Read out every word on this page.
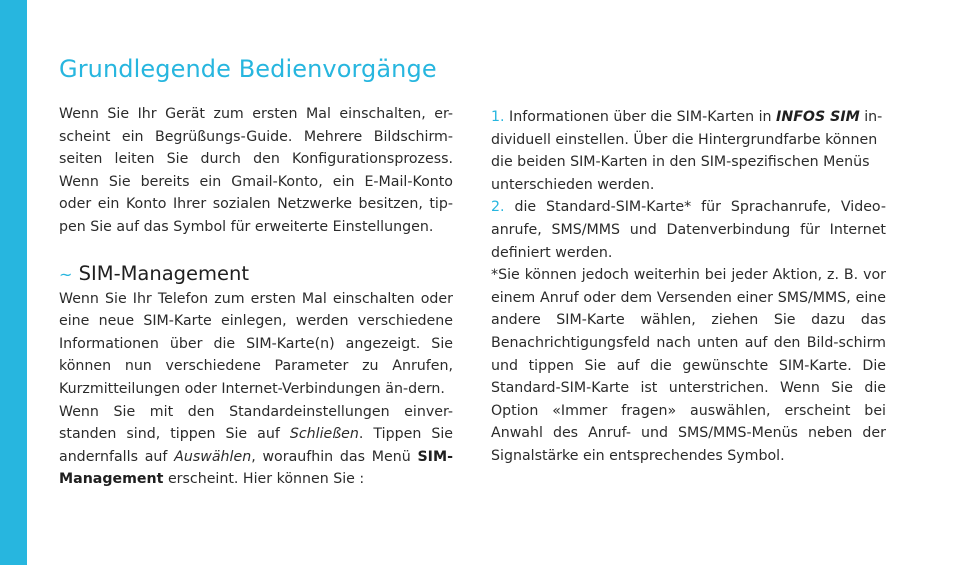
Grundlegende Bedienvorgänge

Wenn Sie Ihr Gerät zum ersten Mal einschalten, er-scheint ein Begrüßungs-Guide. Mehrere Bildschirm-seiten leiten Sie durch den Konfigurationsprozess. Wenn Sie bereits ein Gmail-Konto, ein E-Mail-Konto oder ein Konto Ihrer sozialen Netzwerke besitzen, tip-pen Sie auf das Symbol für erweiterte Einstellungen.

~ SIM-Management

Wenn Sie Ihr Telefon zum ersten Mal einschalten oder eine neue SIM-Karte einlegen, werden verschiedene Informationen über die SIM-Karte(n) angezeigt. Sie können nun verschiedene Parameter zu Anrufen, Kurzmitteilungen oder Internet-Verbindungen än-dern.

Wenn Sie mit den Standardeinstellungen einver-standen sind, tippen Sie auf Schließen. Tippen Sie andernfalls auf Auswählen, woraufhin das Menü SIM-Management erscheint. Hier können Sie :

1. Informationen über die SIM-Karten in INFOS SIM in-dividuell einstellen. Über die Hintergrundfarbe können die beiden SIM-Karten in den SIM-spezifischen Menüs unterschieden werden.

2. die Standard-SIM-Karte* für Sprachanrufe, Video-anrufe, SMS/MMS und Datenverbindung für Internet definiert werden.

*Sie können jedoch weiterhin bei jeder Aktion, z. B. vor einem Anruf oder dem Versenden einer SMS/MMS, eine andere SIM-Karte wählen, ziehen Sie dazu das Benachrichtigungsfeld nach unten auf den Bild-schirm und tippen Sie auf die gewünschte SIM-Karte. Die Standard-SIM-Karte ist unterstrichen. Wenn Sie die Option «Immer fragen» auswählen, erscheint bei Anwahl des Anruf- und SMS/MMS-Menüs neben der Signalstärke ein entsprechendes Symbol.
